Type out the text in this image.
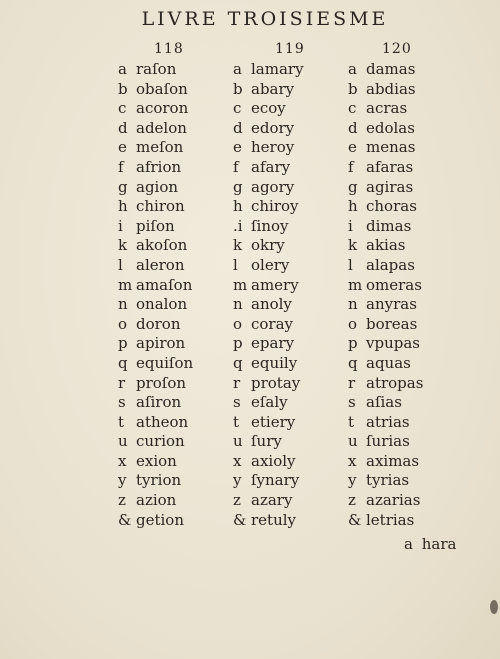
LIVRE TROISIESME
118
a raſon
b obaſon
c acoron
d adelon
e meſon
f afrion
g agion
h chiron
i piſon
k akoſon
l aleron
m amaſon
n onalon
o doron
p apiron
q equiſon
r proſon
s aſiron
t atheon
u curion
x exion
y tyrion
z azion
& getion
119
a lamary
b abary
c ecoy
d edory
e heroy
f afary
g agory
h chiroy
.i ſinoy
k okry
l olery
m amery
n anoly
o coray
p epary
q equily
r protay
s eſaly
t etiery
u ſury
x axioly
y ſynary
z azary
& retuly
120
a damas
b abdias
c acras
d edolas
e menas
f afaras
g agiras
h choras
i dimas
k akias
l alapas
m omeras
n anyras
o boreas
p vpupas
q aquas
r atropas
s aſias
t atrias
u ſurias
x aximas
y tyrias
z azarias
& letrias
a hara
